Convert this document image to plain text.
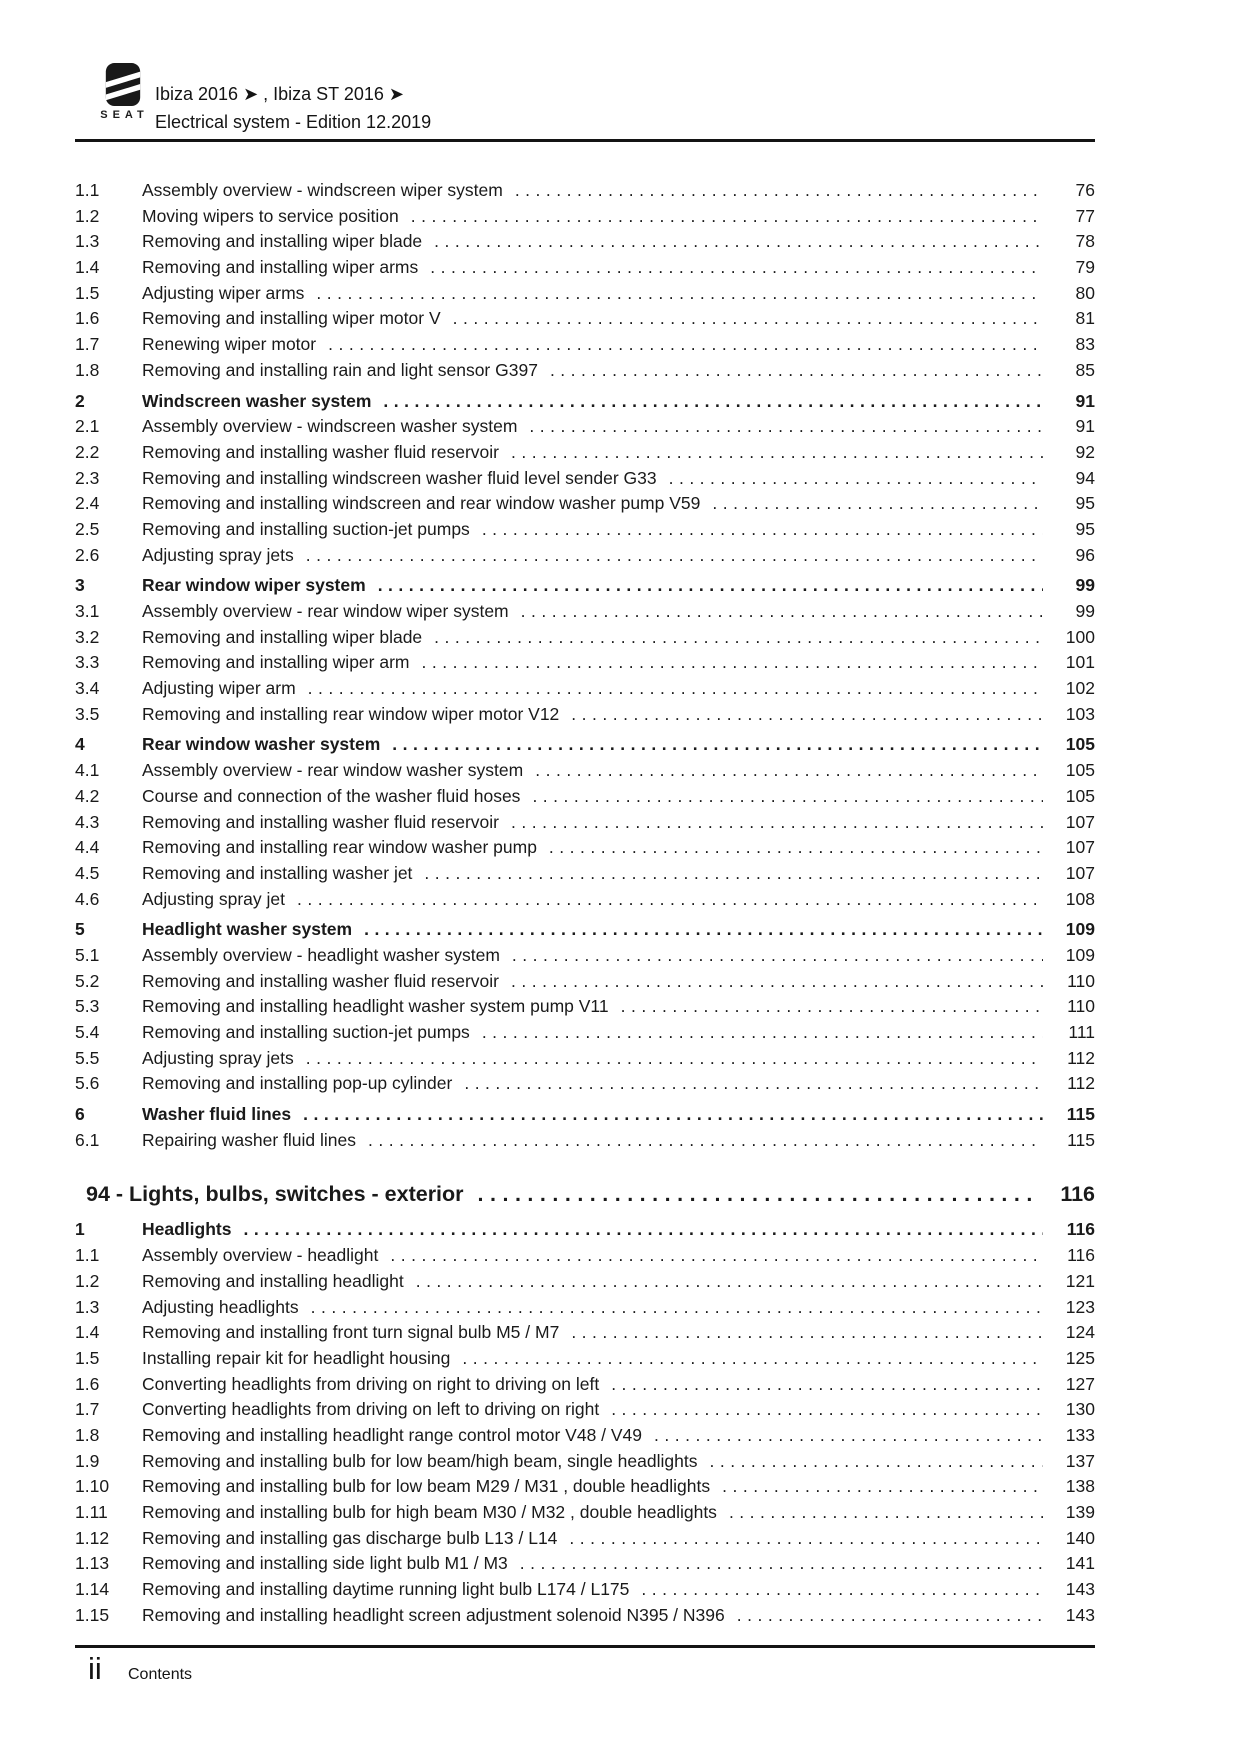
SEAT
Ibiza 2016 ➤ , Ibiza ST 2016 ➤
Electrical system - Edition 12.2019
1.1	Assembly overview - windscreen wiper system .....	76
1.2	Moving wipers to service position .....	77
1.3	Removing and installing wiper blade .....	78
1.4	Removing and installing wiper arms .....	79
1.5	Adjusting wiper arms .....	80
1.6	Removing and installing wiper motor V .....	81
1.7	Renewing wiper motor .....	83
1.8	Removing and installing rain and light sensor G397 .....	85
2	Windscreen washer system .....	91
2.1	Assembly overview - windscreen washer system .....	91
2.2	Removing and installing washer fluid reservoir .....	92
2.3	Removing and installing windscreen washer fluid level sender G33 .....	94
2.4	Removing and installing windscreen and rear window washer pump V59 .....	95
2.5	Removing and installing suction-jet pumps .....	95
2.6	Adjusting spray jets .....	96
3	Rear window wiper system .....	99
3.1	Assembly overview - rear window wiper system .....	99
3.2	Removing and installing wiper blade .....	100
3.3	Removing and installing wiper arm .....	101
3.4	Adjusting wiper arm .....	102
3.5	Removing and installing rear window wiper motor V12 .....	103
4	Rear window washer system .....	105
4.1	Assembly overview - rear window washer system .....	105
4.2	Course and connection of the washer fluid hoses .....	105
4.3	Removing and installing washer fluid reservoir .....	107
4.4	Removing and installing rear window washer pump .....	107
4.5	Removing and installing washer jet .....	107
4.6	Adjusting spray jet .....	108
5	Headlight washer system .....	109
5.1	Assembly overview - headlight washer system .....	109
5.2	Removing and installing washer fluid reservoir .....	110
5.3	Removing and installing headlight washer system pump V11 .....	110
5.4	Removing and installing suction-jet pumps .....	111
5.5	Adjusting spray jets .....	112
5.6	Removing and installing pop-up cylinder .....	112
6	Washer fluid lines .....	115
6.1	Repairing washer fluid lines .....	115
94 - Lights, bulbs, switches - exterior .....	116
1	Headlights .....	116
1.1	Assembly overview - headlight .....	116
1.2	Removing and installing headlight .....	121
1.3	Adjusting headlights .....	123
1.4	Removing and installing front turn signal bulb M5 / M7 .....	124
1.5	Installing repair kit for headlight housing .....	125
1.6	Converting headlights from driving on right to driving on left .....	127
1.7	Converting headlights from driving on left to driving on right .....	130
1.8	Removing and installing headlight range control motor V48 / V49 .....	133
1.9	Removing and installing bulb for low beam/high beam, single headlights .....	137
1.10	Removing and installing bulb for low beam M29 / M31 , double headlights .....	138
1.11	Removing and installing bulb for high beam M30 / M32 , double headlights .....	139
1.12	Removing and installing gas discharge bulb L13 / L14 .....	140
1.13	Removing and installing side light bulb M1 / M3 .....	141
1.14	Removing and installing daytime running light bulb L174 / L175 .....	143
1.15	Removing and installing headlight screen adjustment solenoid N395 / N396 .....	143
ii Contents
